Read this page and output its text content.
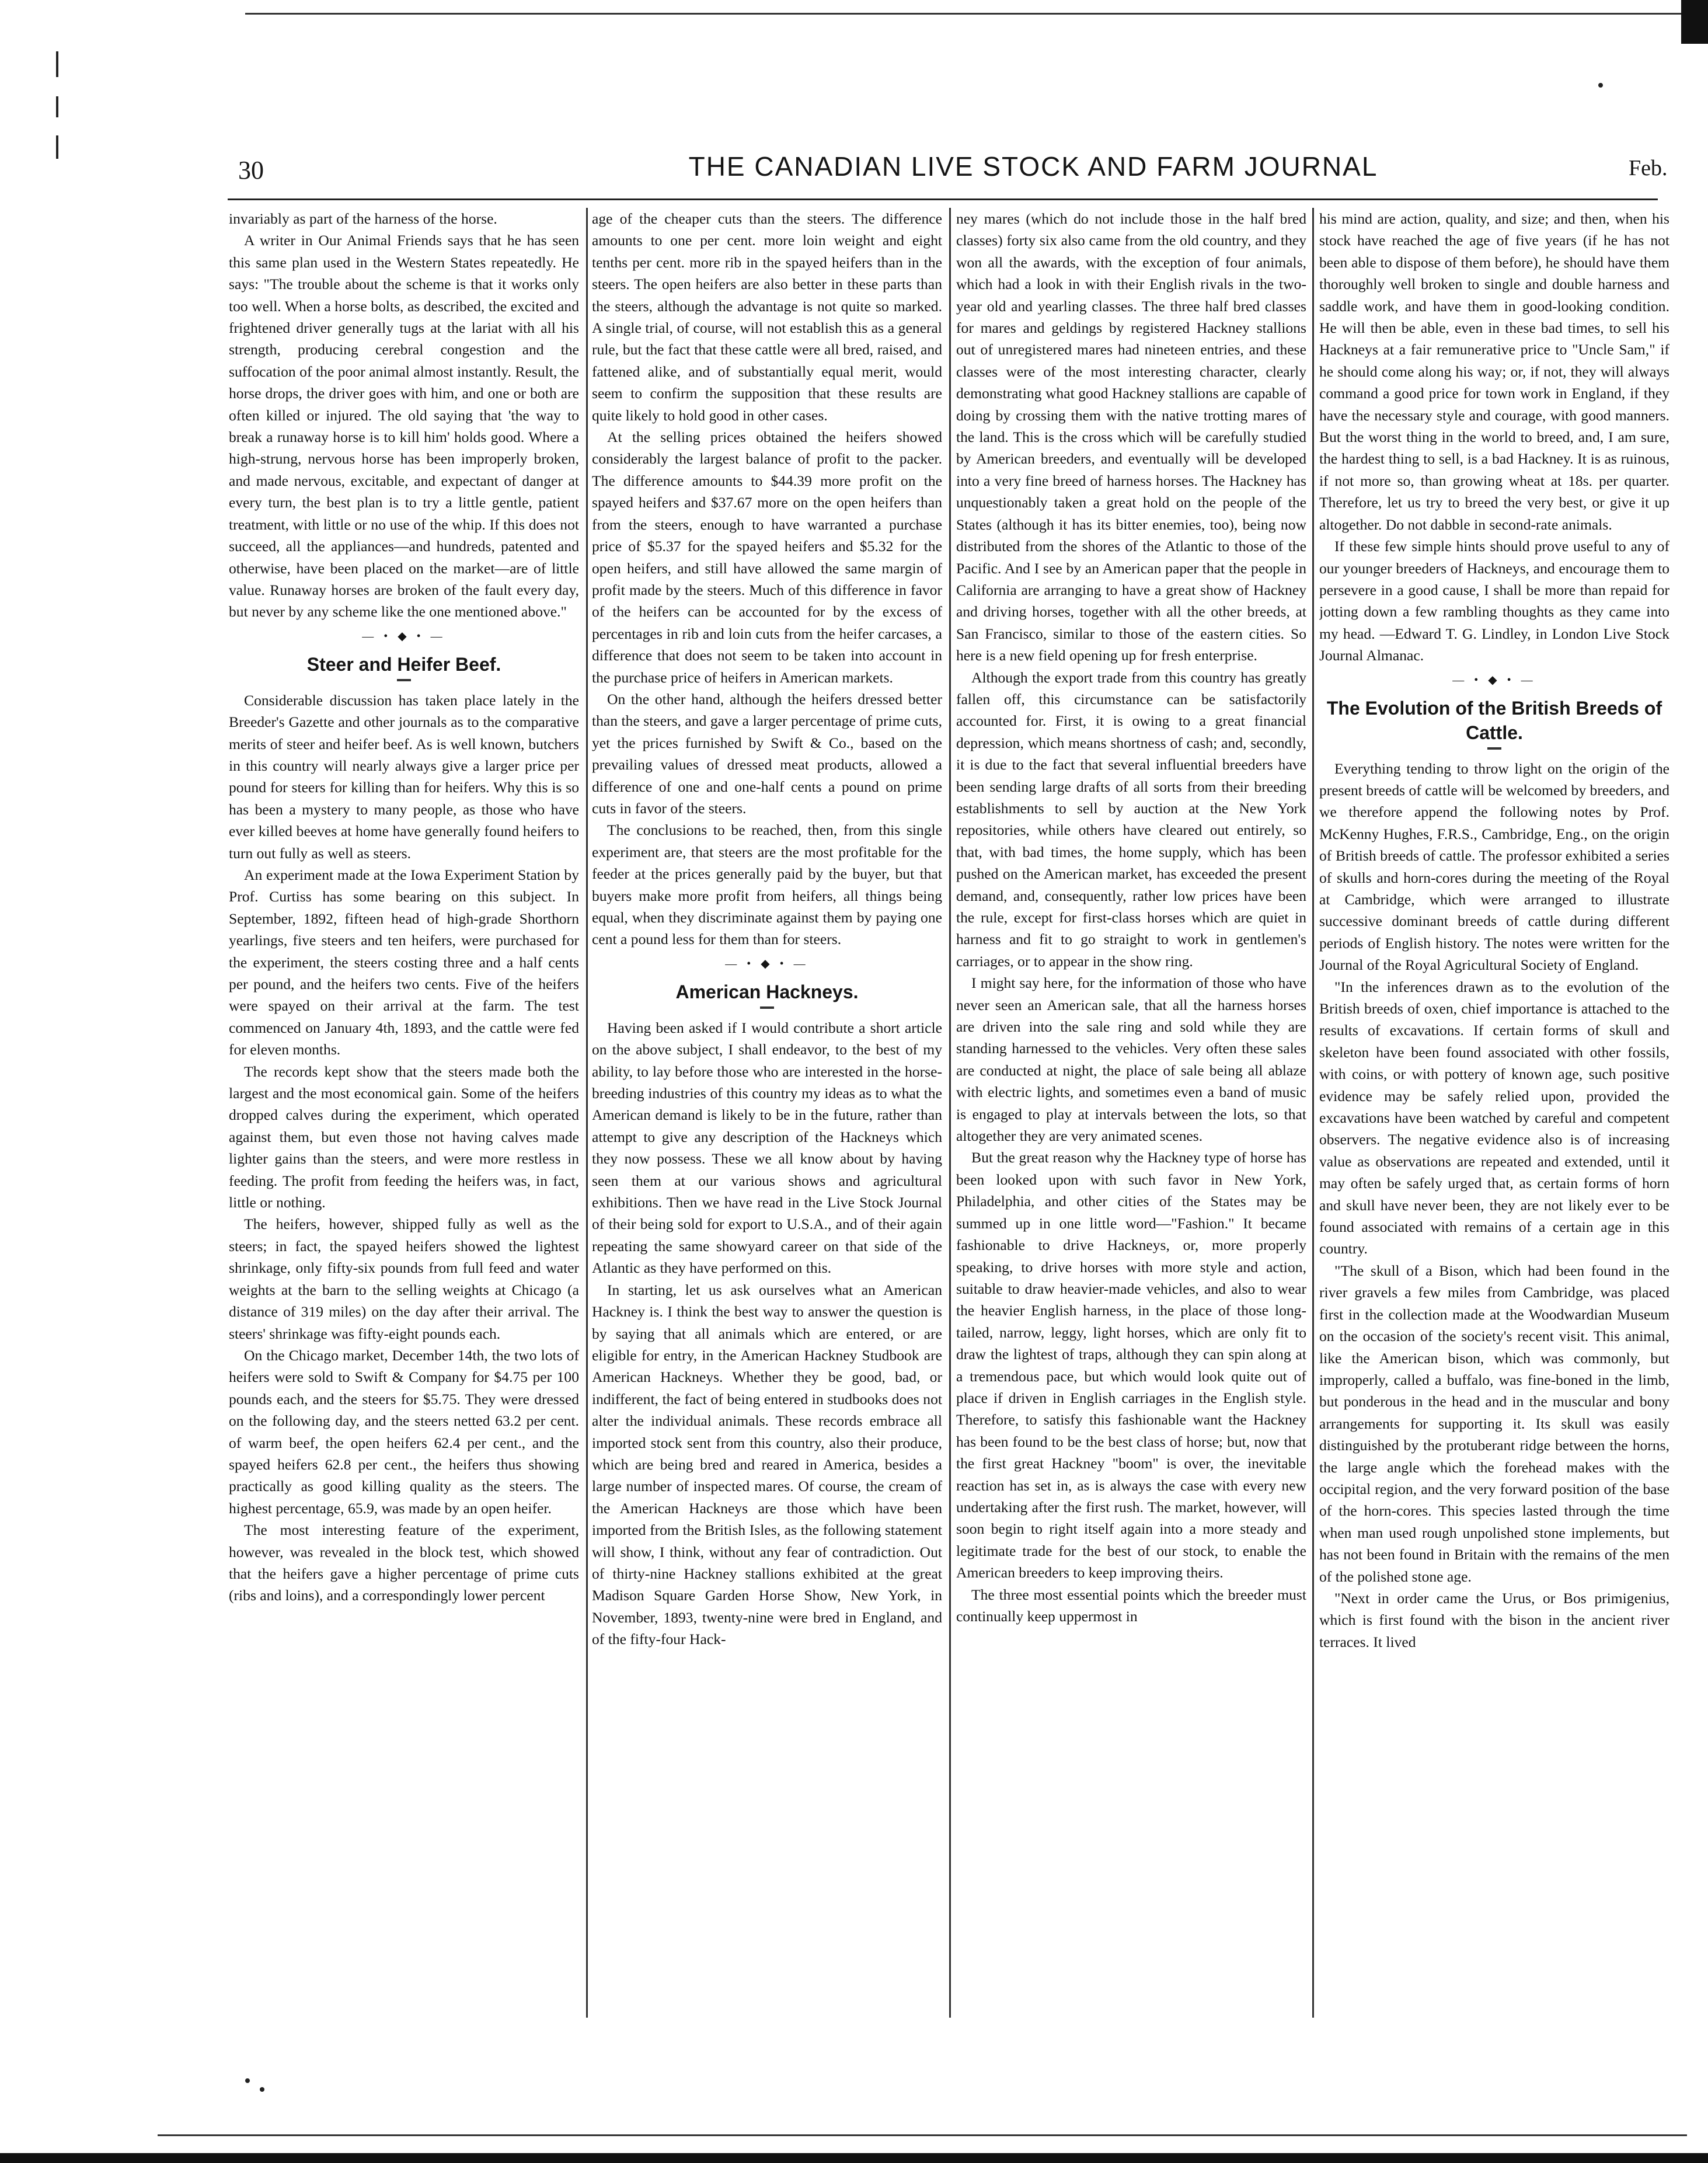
30	THE CANADIAN LIVE STOCK AND FARM JOURNAL	Feb.

invariably as part of the harness of the horse.

A writer in Our Animal Friends says that he has seen this same plan used in the Western States repeatedly. He says: "The trouble about the scheme is that it works only too well. When a horse bolts, as described, the excited and frightened driver generally tugs at the lariat with all his strength, producing cerebral congestion and the suffocation of the poor animal almost instantly. Result, the horse drops, the driver goes with him, and one or both are often killed or injured. The old saying that 'the way to break a runaway horse is to kill him' holds good. Where a high-strung, nervous horse has been improperly broken, and made nervous, excitable, and expectant of danger at every turn, the best plan is to try a little gentle, patient treatment, with little or no use of the whip. If this does not succeed, all the appliances—and hundreds, patented and otherwise, have been placed on the market—are of little value. Runaway horses are broken of the fault every day, but never by any scheme like the one mentioned above."

— • ◆ • —
Steer and Heifer Beef.

Considerable discussion has taken place lately in the Breeder's Gazette and other journals as to the comparative merits of steer and heifer beef. As is well known, butchers in this country will nearly always give a larger price per pound for steers for killing than for heifers. Why this is so has been a mystery to many people, as those who have ever killed beeves at home have generally found heifers to turn out fully as well as steers.

An experiment made at the Iowa Experiment Station by Prof. Curtiss has some bearing on this subject. In September, 1892, fifteen head of high-grade Shorthorn yearlings, five steers and ten heifers, were purchased for the experiment, the steers costing three and a half cents per pound, and the heifers two cents. Five of the heifers were spayed on their arrival at the farm. The test commenced on January 4th, 1893, and the cattle were fed for eleven months.

The records kept show that the steers made both the largest and the most economical gain. Some of the heifers dropped calves during the experiment, which operated against them, but even those not having calves made lighter gains than the steers, and were more restless in feeding. The profit from feeding the heifers was, in fact, little or nothing.

The heifers, however, shipped fully as well as the steers; in fact, the spayed heifers showed the lightest shrinkage, only fifty-six pounds from full feed and water weights at the barn to the selling weights at Chicago (a distance of 319 miles) on the day after their arrival. The steers' shrinkage was fifty-eight pounds each.

On the Chicago market, December 14th, the two lots of heifers were sold to Swift & Company for $4.75 per 100 pounds each, and the steers for $5.75. They were dressed on the following day, and the steers netted 63.2 per cent. of warm beef, the open heifers 62.4 per cent., and the spayed heifers 62.8 per cent., the heifers thus showing practically as good killing quality as the steers. The highest percentage, 65.9, was made by an open heifer.

The most interesting feature of the experiment, however, was revealed in the block test, which showed that the heifers gave a higher percentage of prime cuts (ribs and loins), and a correspondingly lower percent

age of the cheaper cuts than the steers. The difference amounts to one per cent. more loin weight and eight tenths per cent. more rib in the spayed heifers than in the steers. The open heifers are also better in these parts than the steers, although the advantage is not quite so marked. A single trial, of course, will not establish this as a general rule, but the fact that these cattle were all bred, raised, and fattened alike, and of substantially equal merit, would seem to confirm the supposition that these results are quite likely to hold good in other cases.

At the selling prices obtained the heifers showed considerably the largest balance of profit to the packer. The difference amounts to $44.39 more profit on the spayed heifers and $37.67 more on the open heifers than from the steers, enough to have warranted a purchase price of $5.37 for the spayed heifers and $5.32 for the open heifers, and still have allowed the same margin of profit made by the steers. Much of this difference in favor of the heifers can be accounted for by the excess of percentages in rib and loin cuts from the heifer carcases, a difference that does not seem to be taken into account in the purchase price of heifers in American markets.

On the other hand, although the heifers dressed better than the steers, and gave a larger percentage of prime cuts, yet the prices furnished by Swift & Co., based on the prevailing values of dressed meat products, allowed a difference of one and one-half cents a pound on prime cuts in favor of the steers.

The conclusions to be reached, then, from this single experiment are, that steers are the most profitable for the feeder at the prices generally paid by the buyer, but that buyers make more profit from heifers, all things being equal, when they discriminate against them by paying one cent a pound less for them than for steers.

— • ◆ • —
American Hackneys.

Having been asked if I would contribute a short article on the above subject, I shall endeavor, to the best of my ability, to lay before those who are interested in the horse-breeding industries of this country my ideas as to what the American demand is likely to be in the future, rather than attempt to give any description of the Hackneys which they now possess. These we all know about by having seen them at our various shows and agricultural exhibitions. Then we have read in the Live Stock Journal of their being sold for export to U.S.A., and of their again repeating the same showyard career on that side of the Atlantic as they have performed on this.

In starting, let us ask ourselves what an American Hackney is. I think the best way to answer the question is by saying that all animals which are entered, or are eligible for entry, in the American Hackney Studbook are American Hackneys. Whether they be good, bad, or indifferent, the fact of being entered in studbooks does not alter the individual animals. These records embrace all imported stock sent from this country, also their produce, which are being bred and reared in America, besides a large number of inspected mares. Of course, the cream of the American Hackneys are those which have been imported from the British Isles, as the following statement will show, I think, without any fear of contradiction. Out of thirty-nine Hackney stallions exhibited at the great Madison Square Garden Horse Show, New York, in November, 1893, twenty-nine were bred in England, and of the fifty-four Hack-

ney mares (which do not include those in the half bred classes) forty six also came from the old country, and they won all the awards, with the exception of four animals, which had a look in with their English rivals in the two-year old and yearling classes. The three half bred classes for mares and geldings by registered Hackney stallions out of unregistered mares had nineteen entries, and these classes were of the most interesting character, clearly demonstrating what good Hackney stallions are capable of doing by crossing them with the native trotting mares of the land. This is the cross which will be carefully studied by American breeders, and eventually will be developed into a very fine breed of harness horses. The Hackney has unquestionably taken a great hold on the people of the States (although it has its bitter enemies, too), being now distributed from the shores of the Atlantic to those of the Pacific. And I see by an American paper that the people in California are arranging to have a great show of Hackney and driving horses, together with all the other breeds, at San Francisco, similar to those of the eastern cities. So here is a new field opening up for fresh enterprise.

Although the export trade from this country has greatly fallen off, this circumstance can be satisfactorily accounted for. First, it is owing to a great financial depression, which means shortness of cash; and, secondly, it is due to the fact that several influential breeders have been sending large drafts of all sorts from their breeding establishments to sell by auction at the New York repositories, while others have cleared out entirely, so that, with bad times, the home supply, which has been pushed on the American market, has exceeded the present demand, and, consequently, rather low prices have been the rule, except for first-class horses which are quiet in harness and fit to go straight to work in gentlemen's carriages, or to appear in the show ring.

I might say here, for the information of those who have never seen an American sale, that all the harness horses are driven into the sale ring and sold while they are standing harnessed to the vehicles. Very often these sales are conducted at night, the place of sale being all ablaze with electric lights, and sometimes even a band of music is engaged to play at intervals between the lots, so that altogether they are very animated scenes.

But the great reason why the Hackney type of horse has been looked upon with such favor in New York, Philadelphia, and other cities of the States may be summed up in one little word—"Fashion." It became fashionable to drive Hackneys, or, more properly speaking, to drive horses with more style and action, suitable to draw heavier-made vehicles, and also to wear the heavier English harness, in the place of those long-tailed, narrow, leggy, light horses, which are only fit to draw the lightest of traps, although they can spin along at a tremendous pace, but which would look quite out of place if driven in English carriages in the English style. Therefore, to satisfy this fashionable want the Hackney has been found to be the best class of horse; but, now that the first great Hackney "boom" is over, the inevitable reaction has set in, as is always the case with every new undertaking after the first rush. The market, however, will soon begin to right itself again into a more steady and legitimate trade for the best of our stock, to enable the American breeders to keep improving theirs.

The three most essential points which the breeder must continually keep uppermost in

his mind are action, quality, and size; and then, when his stock have reached the age of five years (if he has not been able to dispose of them before), he should have them thoroughly well broken to single and double harness and saddle work, and have them in good-looking condition. He will then be able, even in these bad times, to sell his Hackneys at a fair remunerative price to "Uncle Sam," if he should come along his way; or, if not, they will always command a good price for town work in England, if they have the necessary style and courage, with good manners. But the worst thing in the world to breed, and, I am sure, the hardest thing to sell, is a bad Hackney. It is as ruinous, if not more so, than growing wheat at 18s. per quarter. Therefore, let us try to breed the very best, or give it up altogether. Do not dabble in second-rate animals.

If these few simple hints should prove useful to any of our younger breeders of Hackneys, and encourage them to persevere in a good cause, I shall be more than repaid for jotting down a few rambling thoughts as they came into my head. —Edward T. G. Lindley, in London Live Stock Journal Almanac.

— • ◆ • —
The Evolution of the British Breeds of Cattle.

Everything tending to throw light on the origin of the present breeds of cattle will be welcomed by breeders, and we therefore append the following notes by Prof. McKenny Hughes, F.R.S., Cambridge, Eng., on the origin of British breeds of cattle. The professor exhibited a series of skulls and horn-cores during the meeting of the Royal at Cambridge, which were arranged to illustrate successive dominant breeds of cattle during different periods of English history. The notes were written for the Journal of the Royal Agricultural Society of England.

"In the inferences drawn as to the evolution of the British breeds of oxen, chief importance is attached to the results of excavations. If certain forms of skull and skeleton have been found associated with other fossils, with coins, or with pottery of known age, such positive evidence may be safely relied upon, provided the excavations have been watched by careful and competent observers. The negative evidence also is of increasing value as observations are repeated and extended, until it may often be safely urged that, as certain forms of horn and skull have never been, they are not likely ever to be found associated with remains of a certain age in this country.

"The skull of a Bison, which had been found in the river gravels a few miles from Cambridge, was placed first in the collection made at the Woodwardian Museum on the occasion of the society's recent visit. This animal, like the American bison, which was commonly, but improperly, called a buffalo, was fine-boned in the limb, but ponderous in the head and in the muscular and bony arrangements for supporting it. Its skull was easily distinguished by the protuberant ridge between the horns, the large angle which the forehead makes with the occipital region, and the very forward position of the base of the horn-cores. This species lasted through the time when man used rough unpolished stone implements, but has not been found in Britain with the remains of the men of the polished stone age.

"Next in order came the Urus, or Bos primigenius, which is first found with the bison in the ancient river terraces. It lived
